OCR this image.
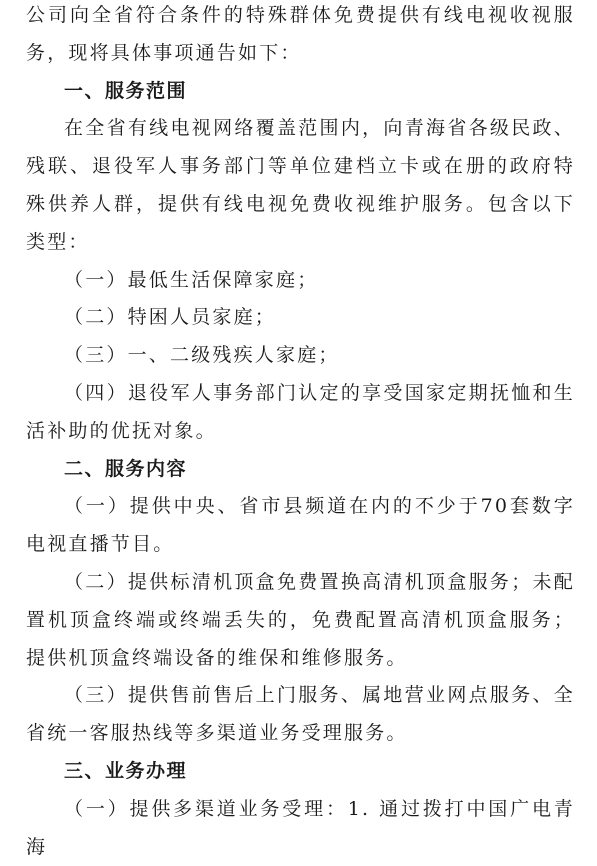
公司向全省符合条件的特殊群体免费提供有线电视收视服务，现将具体事项通告如下：

一、服务范围

在全省有线电视网络覆盖范围内，向青海省各级民政、残联、退役军人事务部门等单位建档立卡或在册的政府特殊供养人群，提供有线电视免费收视维护服务。包含以下类型：

（一）最低生活保障家庭；

（二）特困人员家庭；

（三）一、二级残疾人家庭；

（四）退役军人事务部门认定的享受国家定期抚恤和生活补助的优抚对象。

二、服务内容

（一）提供中央、省市县频道在内的不少于70套数字电视直播节目。

（二）提供标清机顶盒免费置换高清机顶盒服务；未配置机顶盒终端或终端丢失的，免费配置高清机顶盒服务；提供机顶盒终端设备的维保和维修服务。

（三）提供售前售后上门服务、属地营业网点服务、全省统一客服热线等多渠道业务受理服务。

三、业务办理

（一）提供多渠道业务受理：1. 通过拨打中国广电青海
